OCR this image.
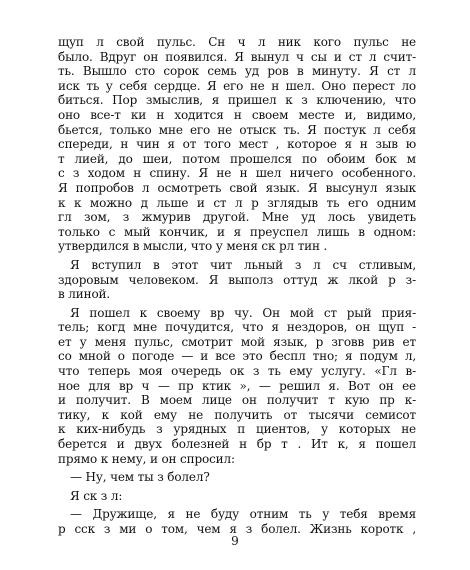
щуп л свой пульс. Сн ч л ник кого пульс не
было. Вдруг он появился. Я вынул ч сы и ст л счит-
ть. Вышло сто сорок семь уд ров в минуту. Я ст л
иск ть у себя сердце. Я его не н шел. Оно перест ло
биться. Пор змыслив, я пришел к з ключению, что
оно все-т ки н ходится н своем месте и, видимо,
бьется, только мне его не отыск ть. Я постук л себя
спереди, н чин я от того мест , которое я н зыв ю
т лией, до шеи, потом прошелся по обоим бок м
с з ходом н спину. Я не н шел ничего особенного.
Я попробов л осмотреть свой язык. Я высунул язык
к к можно д льше и ст л р зглядыв ть его одним
гл зом, з жмурив другой. Мне уд лось увидеть
только с мый кончик, и я преуспел лишь в одном:
утвердился в мысли, что у меня ск рл тин .
Я вступил в этот чит льный з л сч стливым,
здоровым человеком. Я выполз оттуд ж лкой р з-
в линой.
Я пошел к своему вр чу. Он мой ст рый прия-
тель; когд мне почудится, что я нездоров, он щуп -
ет у меня пульс, смотрит мой язык, р зговв рив ет
со мной о погоде — и все это беспл тно; я подум л,
что теперь моя очередь ок з ть ему услугу. «Гл в-
ное для вр ч — пр ктик », — решил я. Вот он ее
и получит. В моем лице он получит т кую пр к-
тику, к кой ему не получить от тысячи семисот
к ких-нибудь з урядных п циентов, у которых не
берется и двух болезней н бр т . Ит к, я пошел
прямо к нему, и он спросил:
— Ну, чем ты з болел?
Я ск з л:
— Дружище, я не буду отним ть у тебя время
р сск з ми о том, чем я з болел. Жизнь коротк ,
9
